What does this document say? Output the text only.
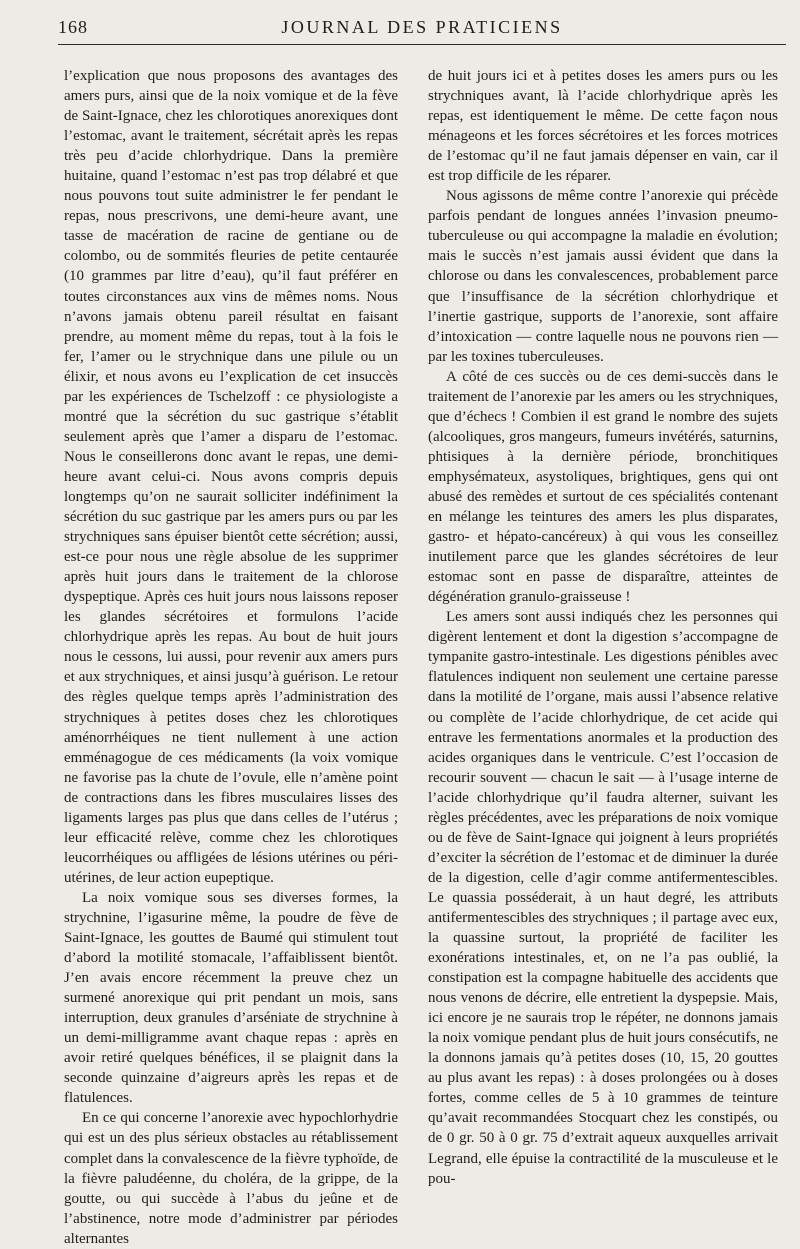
168	JOURNAL DES PRATICIENS

l’explication que nous proposons des avantages des amers purs, ainsi que de la noix vomique et de la fève de Saint-Ignace, chez les chlorotiques anorexiques dont l’estomac, avant le traitement, sécrétait après les repas très peu d’acide chlorhydrique. Dans la première huitaine, quand l’estomac n’est pas trop délabré et que nous pouvons tout suite administrer le fer pendant le repas, nous prescrivons, une demi-heure avant, une tasse de macération de racine de gentiane ou de colombo, ou de sommités fleuries de petite centaurée (10 grammes par litre d’eau), qu’il faut préférer en toutes circonstances aux vins de mêmes noms. Nous n’avons jamais obtenu pareil résultat en faisant prendre, au moment même du repas, tout à la fois le fer, l’amer ou le strychnique dans une pilule ou un élixir, et nous avons eu l’explication de cet insuccès par les expériences de Tschelzoff : ce physiologiste a montré que la sécrétion du suc gastrique s’établit seulement après que l’amer a disparu de l’estomac. Nous le conseillerons donc avant le repas, une demi-heure avant celui-ci. Nous avons compris depuis longtemps qu’on ne saurait solliciter indéfiniment la sécrétion du suc gastrique par les amers purs ou par les strychniques sans épuiser bientôt cette sécrétion; aussi, est-ce pour nous une règle absolue de les supprimer après huit jours dans le traitement de la chlorose dyspeptique. Après ces huit jours nous laissons reposer les glandes sécrétoires et formulons l’acide chlorhydrique après les repas. Au bout de huit jours nous le cessons, lui aussi, pour revenir aux amers purs et aux strychniques, et ainsi jusqu’à guérison. Le retour des règles quelque temps après l’administration des strychniques à petites doses chez les chlorotiques aménorrhéiques ne tient nullement à une action emménagogue de ces médicaments (la voix vomique ne favorise pas la chute de l’ovule, elle n’amène point de contractions dans les fibres musculaires lisses des ligaments larges pas plus que dans celles de l’utérus ; leur efficacité relève, comme chez les chlorotiques leucorrhéiques ou affligées de lésions utérines ou péri-utérines, de leur action eupeptique.

La noix vomique sous ses diverses formes, la strychnine, l’igasurine même, la poudre de fève de Saint-Ignace, les gouttes de Baumé qui stimulent tout d’abord la motilité stomacale, l’affaiblissent bientôt. J’en avais encore récemment la preuve chez un surmené anorexique qui prit pendant un mois, sans interruption, deux granules d’arséniate de strychnine à un demi-milligramme avant chaque repas : après en avoir retiré quelques bénéfices, il se plaignit dans la seconde quinzaine d’aigreurs après les repas et de flatulences.

En ce qui concerne l’anorexie avec hypochlorhydrie qui est un des plus sérieux obstacles au rétablissement complet dans la convalescence de la fièvre typhoïde, de la fièvre paludéenne, du choléra, de la grippe, de la goutte, ou qui succède à l’abus du jeûne et de l’abstinence, notre mode d’administrer par périodes alternantes

de huit jours ici et à petites doses les amers purs ou les strychniques avant, là l’acide chlorhydrique après les repas, est identiquement le même. De cette façon nous ménageons et les forces sécrétoires et les forces motrices de l’estomac qu’il ne faut jamais dépenser en vain, car il est trop difficile de les réparer.

Nous agissons de même contre l’anorexie qui précède parfois pendant de longues années l’invasion pneumo-tuberculeuse ou qui accompagne la maladie en évolution; mais le succès n’est jamais aussi évident que dans la chlorose ou dans les convalescences, probablement parce que l’insuffisance de la sécrétion chlorhydrique et l’inertie gastrique, supports de l’anorexie, sont affaire d’intoxication — contre laquelle nous ne pouvons rien — par les toxines tuberculeuses.

A côté de ces succès ou de ces demi-succès dans le traitement de l’anorexie par les amers ou les strychniques, que d’échecs ! Combien il est grand le nombre des sujets (alcooliques, gros mangeurs, fumeurs invétérés, saturnins, phtisiques à la dernière période, bronchitiques emphysémateux, asystoliques, brightiques, gens qui ont abusé des remèdes et surtout de ces spécialités contenant en mélange les teintures des amers les plus disparates, gastro- et hépato-cancéreux) à qui vous les conseillez inutilement parce que les glandes sécrétoires de leur estomac sont en passe de disparaître, atteintes de dégénération granulo-graisseuse !

Les amers sont aussi indiqués chez les personnes qui digèrent lentement et dont la digestion s’accompagne de tympanite gastro-intestinale. Les digestions pénibles avec flatulences indiquent non seulement une certaine paresse dans la motilité de l’organe, mais aussi l’absence relative ou complète de l’acide chlorhydrique, de cet acide qui entrave les fermentations anormales et la production des acides organiques dans le ventricule. C’est l’occasion de recourir souvent — chacun le sait — à l’usage interne de l’acide chlorhydrique qu’il faudra alterner, suivant les règles précédentes, avec les préparations de noix vomique ou de fève de Saint-Ignace qui joignent à leurs propriétés d’exciter la sécrétion de l’estomac et de diminuer la durée de la digestion, celle d’agir comme antifermentescibles. Le quassia posséderait, à un haut degré, les attributs antifermentescibles des strychniques ; il partage avec eux, la quassine surtout, la propriété de faciliter les exonérations intestinales, et, on ne l’a pas oublié, la constipation est la compagne habituelle des accidents que nous venons de décrire, elle entretient la dyspepsie. Mais, ici encore je ne saurais trop le répéter, ne donnons jamais la noix vomique pendant plus de huit jours consécutifs, ne la donnons jamais qu’à petites doses (10, 15, 20 gouttes au plus avant les repas) : à doses prolongées ou à doses fortes, comme celles de 5 à 10 grammes de teinture qu’avait recommandées Stocquart chez les constipés, ou de 0 gr. 50 à 0 gr. 75 d’extrait aqueux auxquelles arrivait Legrand, elle épuise la contractilité de la musculeuse et le pou-
